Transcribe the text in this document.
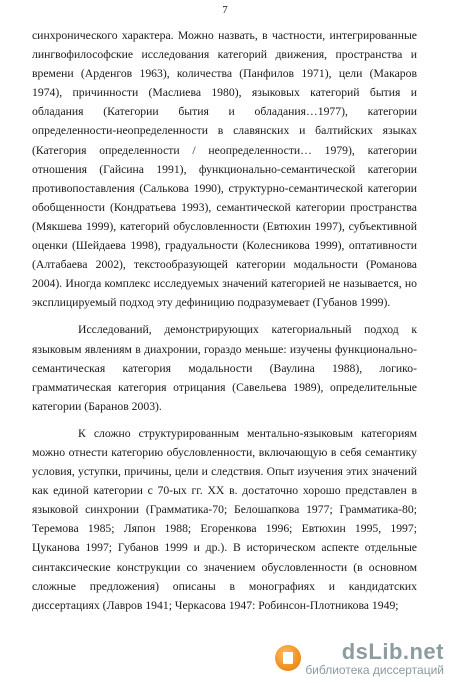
7

синхронического характера. Можно назвать, в частности, интегрированные лингвофилософские исследования категорий движения, пространства и времени (Арденгов 1963), количества (Панфилов 1971), цели (Макаров 1974), причинности (Маслиева 1980), языковых категорий бытия и обладания (Категории бытия и обладания…1977), категории определенности-неопределенности в славянских и балтийских языках (Категория определенности / неопределенности… 1979), категории отношения (Гайсина 1991), функционально-семантической категории противопоставления (Салькова 1990), структурно-семантической категории обобщенности (Кондратьева 1993), семантической категории пространства (Мякшева 1999), категорий обусловленности (Евтюхин 1997), субъективной оценки (Шейдаева 1998), градуальности (Колесникова 1999), оптативности (Алтабаева 2002), текстообразующей категории модальности (Романова 2004). Иногда комплекс исследуемых значений категорией не называется, но эксплицируемый подход эту дефиницию подразумевает (Губанов 1999).

Исследований, демонстрирующих категориальный подход к языковым явлениям в диахронии, гораздо меньше: изучены функционально-семантическая категория модальности (Ваулина 1988), логико-грамматическая категория отрицания (Савельева 1989), определительные категории (Баранов 2003).

К сложно структурированным ментально-языковым категориям можно отнести категорию обусловленности, включающую в себя семантику условия, уступки, причины, цели и следствия. Опыт изучения этих значений как единой категории с 70-ых гг. XX в. достаточно хорошо представлен в языковой синхронии (Грамматика-70; Белошапкова 1977; Грамматика-80; Теремова 1985; Ляпон 1988; Егоренкова 1996; Евтюхин 1995, 1997; Цуканова 1997; Губанов 1999 и др.). В историческом аспекте отдельные синтаксические конструкции со значением обусловленности (в основном сложные предложения) описаны в монографиях и кандидатских диссертациях (Лавров 1941; Черкасова 1947: Робинсон-Плотникова 1949;

dsLib.net
библиотека диссертаций
